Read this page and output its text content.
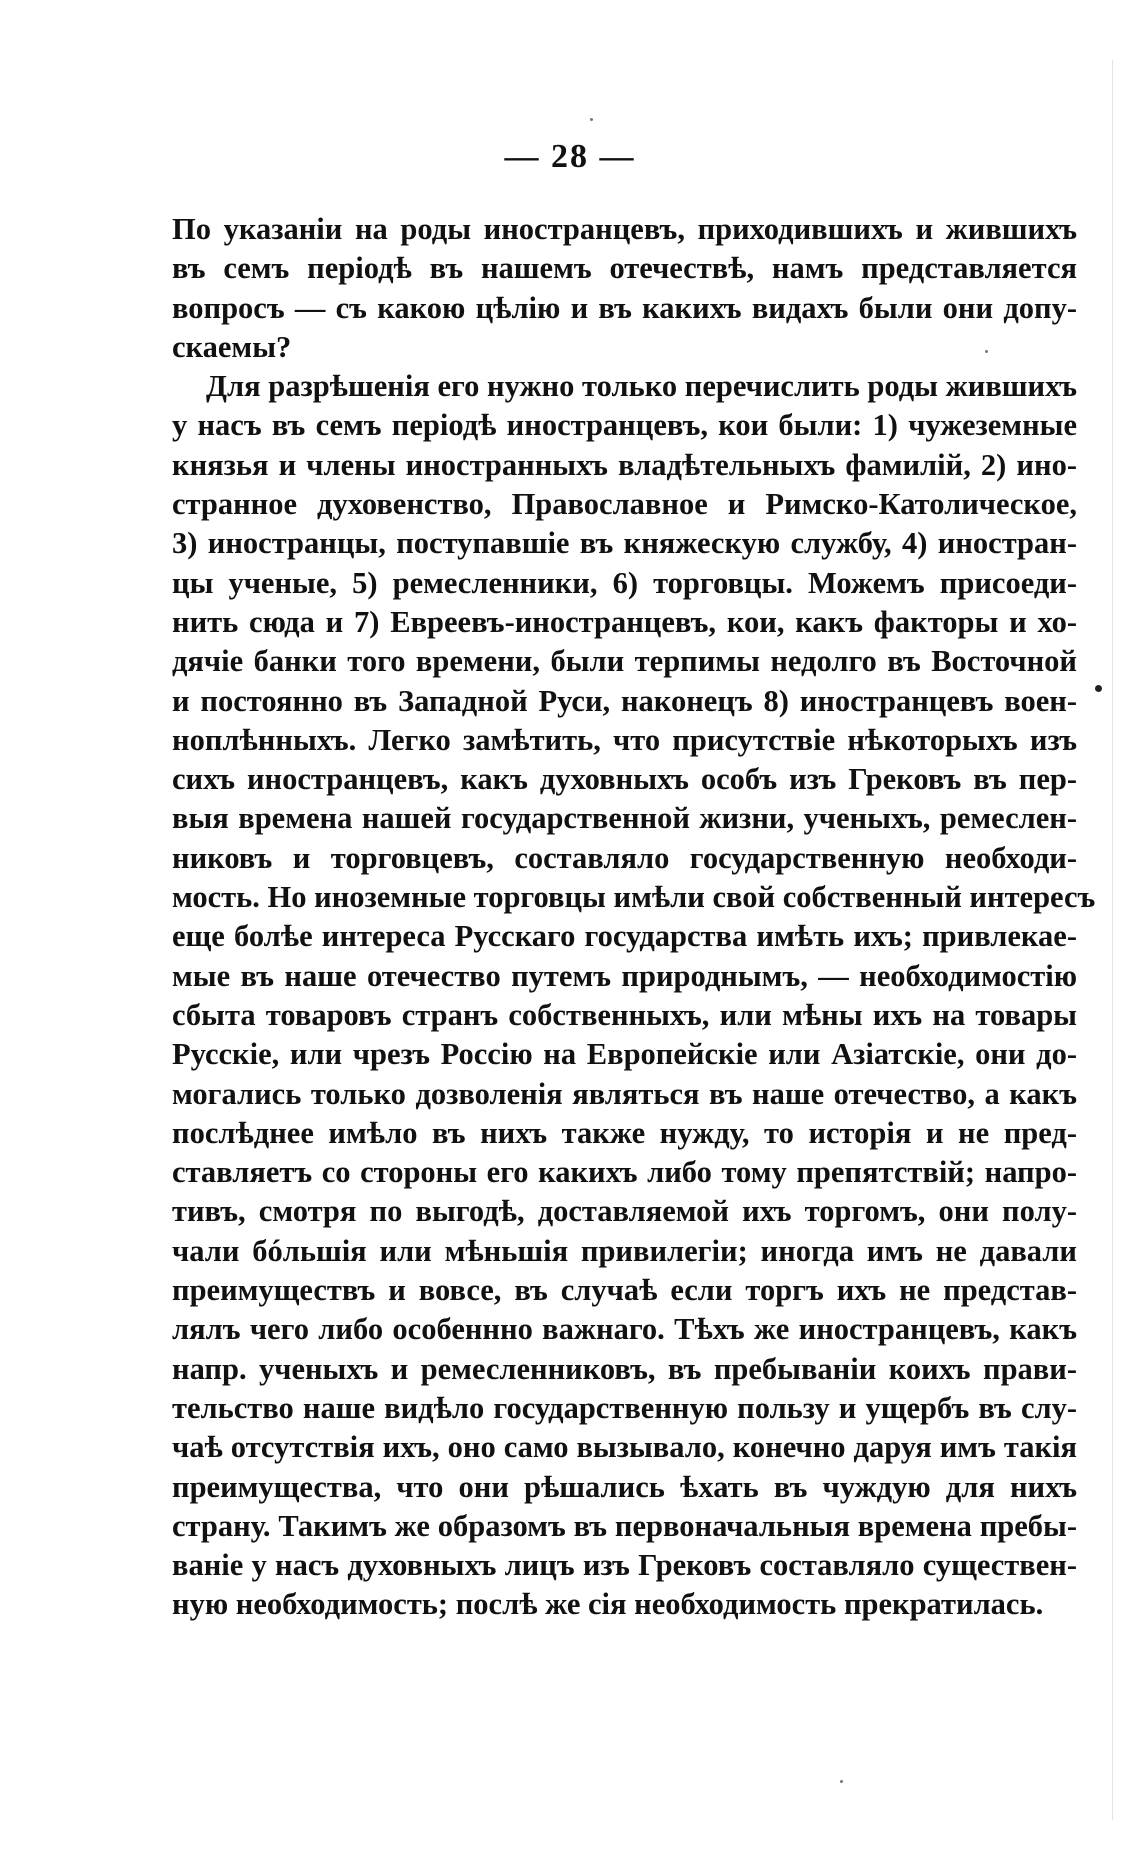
— 28 —
По указаніи на роды иностранцевъ, приходившихъ и жившихъ
въ семъ періодѣ въ нашемъ отечествѣ, намъ представляется
вопросъ — съ какою цѣлію и въ какихъ видахъ были они допу-
скаемы?
Для разрѣшенія его нужно только перечислить роды жившихъ
у насъ въ семъ періодѣ иностранцевъ, кои были: 1) чужеземные
князья и члены иностранныхъ владѣтельныхъ фамилій, 2) ино-
странное духовенство, Православное и Римско-Католическое,
3) иностранцы, поступавшіе въ княжескую службу, 4) иностран-
цы ученые, 5) ремесленники, 6) торговцы. Можемъ присоеди-
нить сюда и 7) Евреевъ-иностранцевъ, кои, какъ факторы и хо-
дячіе банки того времени, были терпимы недолго въ Восточной
и постоянно въ Западной Руси, наконецъ 8) иностранцевъ воен-
ноплѣнныхъ. Легко замѣтить, что присутствіе нѣкоторыхъ изъ
сихъ иностранцевъ, какъ духовныхъ особъ изъ Грековъ въ пер-
выя времена нашей государственной жизни, ученыхъ, ремеслен-
никовъ и торговцевъ, составляло государственную необходи-
мость. Но иноземные торговцы имѣли свой собственный интересъ
еще болѣе интереса Русскаго государства имѣть ихъ; привлекае-
мые въ наше отечество путемъ природнымъ, — необходимостію
сбыта товаровъ странъ собственныхъ, или мѣны ихъ на товары
Русскіе, или чрезъ Россію на Европейскіе или Азіатскіе, они до-
могались только дозволенія являться въ наше отечество, а какъ
послѣднее имѣло въ нихъ также нужду, то исторія и не пред-
ставляетъ со стороны его какихъ либо тому препятствій; напро-
тивъ, смотря по выгодѣ, доставляемой ихъ торгомъ, они полу-
чали бóльшія или мѣньшія привилегіи; иногда имъ не давали
преимуществъ и вовсе, въ случаѣ если торгъ ихъ не представ-
лялъ чего либо особеннно важнаго. Тѣхъ же иностранцевъ, какъ
напр. ученыхъ и ремесленниковъ, въ пребываніи коихъ прави-
тельство наше видѣло государственную пользу и ущербъ въ слу-
чаѣ отсутствія ихъ, оно само вызывало, конечно даруя имъ такія
преимущества, что они рѣшались ѣхать въ чуждую для нихъ
страну. Такимъ же образомъ въ первоначальныя времена пребы-
ваніе у насъ духовныхъ лицъ изъ Грековъ составляло существен-
ную необходимость; послѣ же сія необходимость прекратилась.
